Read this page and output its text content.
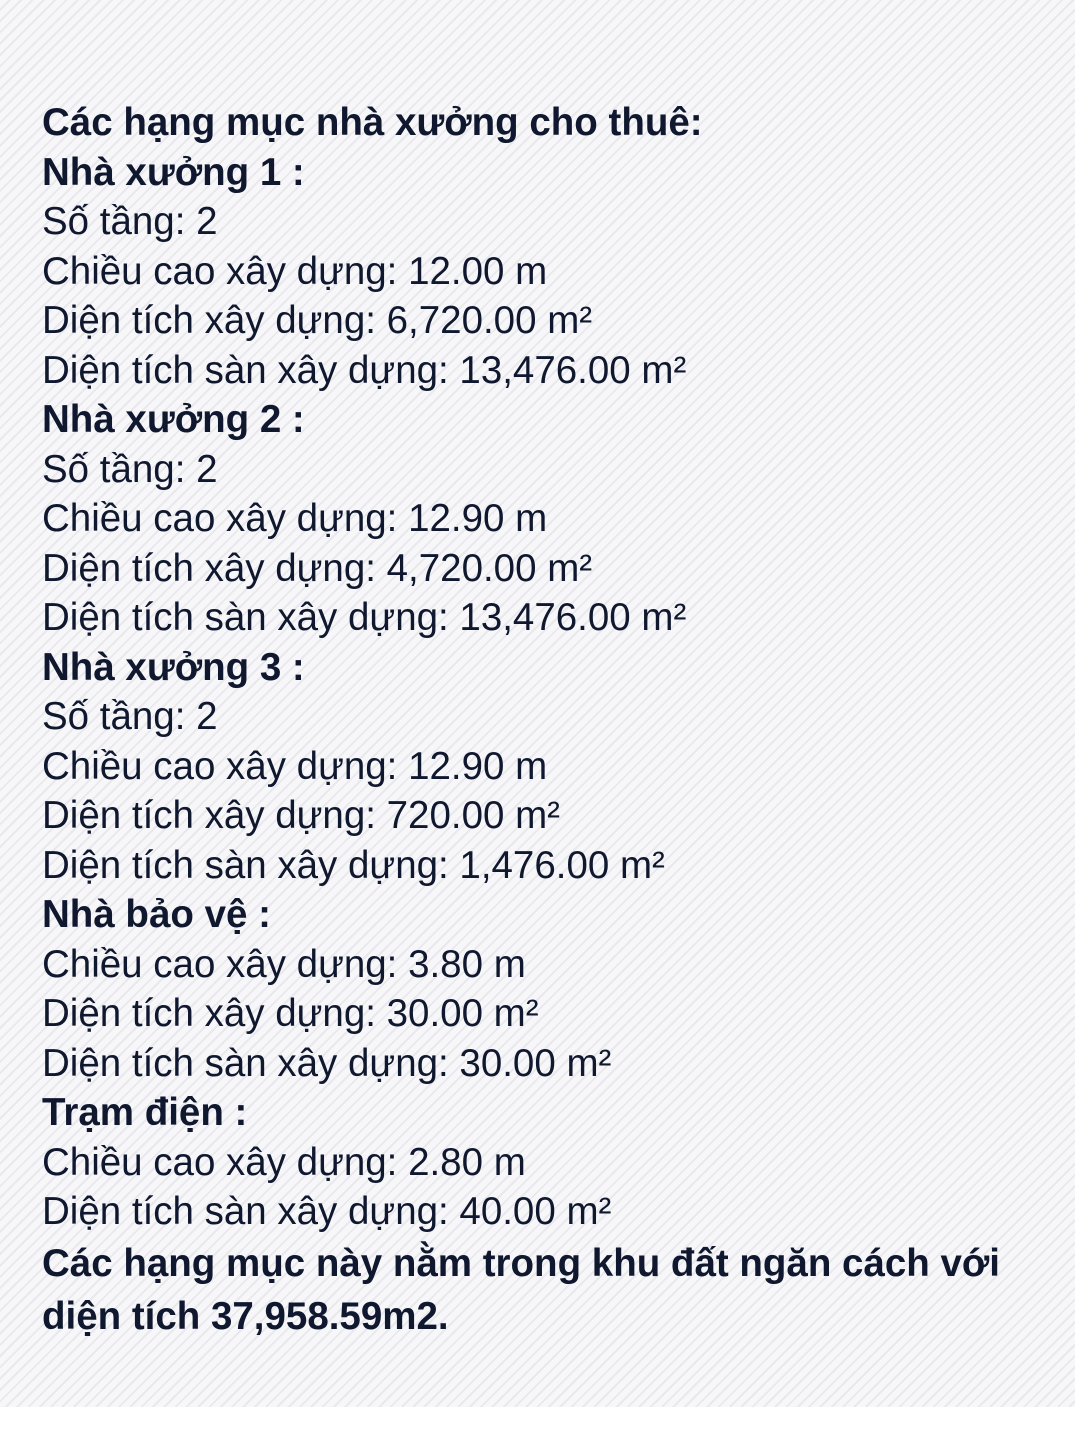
Các hạng mục nhà xưởng cho thuê:
Nhà xưởng 1 :
Số tầng: 2
Chiều cao xây dựng: 12.00 m
Diện tích xây dựng: 6,720.00 m²
Diện tích sàn xây dựng: 13,476.00 m²
Nhà xưởng 2 :
Số tầng: 2
Chiều cao xây dựng: 12.90 m
Diện tích xây dựng: 4,720.00 m²
Diện tích sàn xây dựng: 13,476.00 m²
Nhà xưởng 3 :
Số tầng: 2
Chiều cao xây dựng: 12.90 m
Diện tích xây dựng: 720.00 m²
Diện tích sàn xây dựng: 1,476.00 m²
Nhà bảo vệ :
Chiều cao xây dựng: 3.80 m
Diện tích xây dựng: 30.00 m²
Diện tích sàn xây dựng: 30.00 m²
Trạm điện :
Chiều cao xây dựng: 2.80 m
Diện tích sàn xây dựng: 40.00 m²
Các hạng mục này nằm trong khu đất ngăn cách với diện tích 37,958.59m2.
